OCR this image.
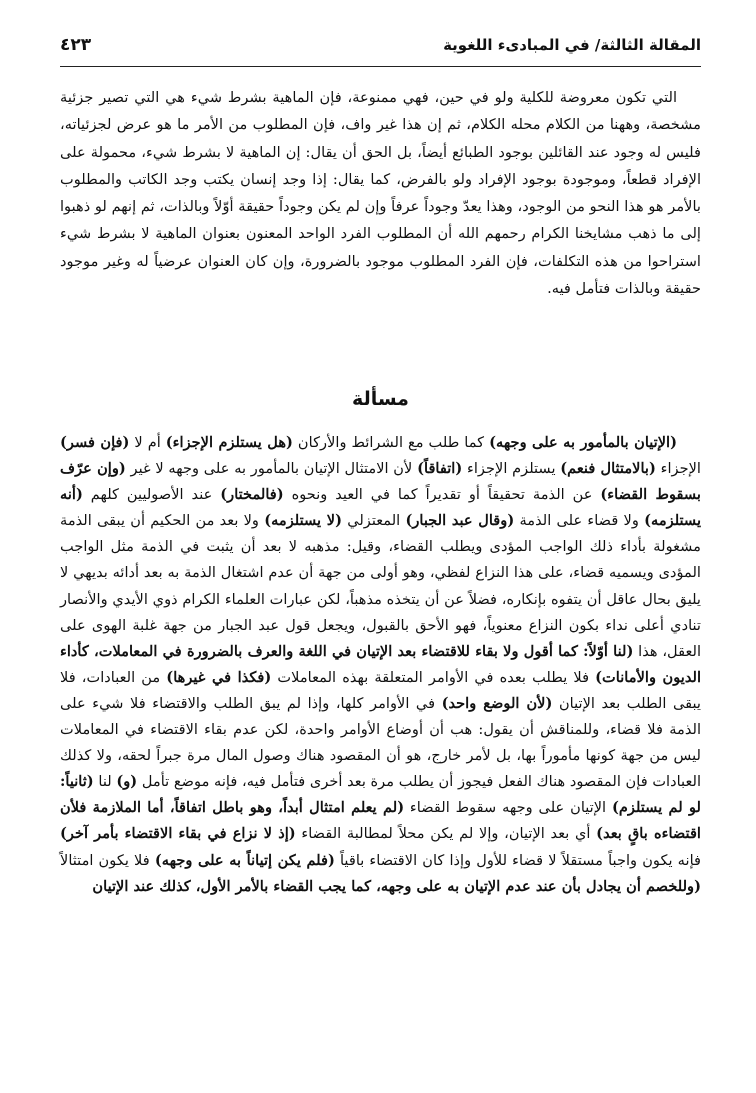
المقالة الثالثة/ في المبادىء اللغوية
٤٢٣

التي تكون معروضة للكلية ولو في حين، فهي ممنوعة، فإن الماهية بشرط شيء هي التي تصير جزئية مشخصة، وههنا من الكلام محله الكلام، ثم إن هذا غير واف، فإن المطلوب من الأمر ما هو عرض لجزئياته، فليس له وجود عند القائلين بوجود الطبائع أيضاً، بل الحق أن يقال: إن الماهية لا بشرط شيء، محمولة على الإفراد قطعاً، وموجودة بوجود الإفراد ولو بالفرض، كما يقال: إذا وجد إنسان يكتب وجد الكاتب والمطلوب بالأمر هو هذا النحو من الوجود، وهذا يعدّ وجوداً عرفاً وإن لم يكن وجوداً حقيقة أوّلاً وبالذات، ثم إنهم لو ذهبوا إلى ما ذهب مشايخنا الكرام رحمهم الله أن المطلوب الفرد الواحد المعنون بعنوان الماهية لا بشرط شيء استراحوا من هذه التكلفات، فإن الفرد المطلوب موجود بالضرورة، وإن كان العنوان عرضياً له وغير موجود حقيقة وبالذات فتأمل فيه.

مسألة

(الإتيان بالمأمور به على وجهه) كما طلب مع الشرائط والأركان (هل يستلزم الإجزاء) أم لا (فإن فسر) الإجزاء (بالامتثال فنعم) يستلزم الإجزاء (اتفاقاً) لأن الامتثال الإتيان بالمأمور به على وجهه لا غير (وإن عرّف بسقوط القضاء) عن الذمة تحقيقاً أو تقديراً كما في العيد ونحوه (فالمختار) عند الأصوليين كلهم (أنه يستلزمه) ولا قضاء على الذمة (وقال عبد الجبار) المعتزلي (لا يستلزمه) ولا بعد من الحكيم أن يبقى الذمة مشغولة بأداء ذلك الواجب المؤدى ويطلب القضاء، وقيل: مذهبه لا بعد أن يثبت في الذمة مثل الواجب المؤدى ويسميه قضاء، على هذا النزاع لفظي، وهو أولى من جهة أن عدم اشتغال الذمة به بعد أدائه بديهي لا يليق بحال عاقل أن يتفوه بإنكاره، فضلاً عن أن يتخذه مذهباً، لكن عبارات العلماء الكرام ذوي الأيدي والأنصار تنادي أعلى نداء بكون النزاع معنوياً، فهو الأحق بالقبول، ويجعل قول عبد الجبار من جهة غلبة الهوى على العقل، هذا (لنا أوّلاً: كما أقول ولا بقاء للاقتضاء بعد الإتيان في اللغة والعرف بالضرورة في المعاملات، كأداء الديون والأمانات) فلا يطلب بعده في الأوامر المتعلقة بهذه المعاملات (فكذا في غيرها) من العبادات، فلا يبقى الطلب بعد الإتيان (لأن الوضع واحد) في الأوامر كلها، وإذا لم يبق الطلب والاقتضاء فلا شيء على الذمة فلا قضاء، وللمناقش أن يقول: هب أن أوضاع الأوامر واحدة، لكن عدم بقاء الاقتضاء في المعاملات ليس من جهة كونها مأموراً بها، بل لأمر خارج، هو أن المقصود هناك وصول المال مرة جبراً لحقه، ولا كذلك العبادات فإن المقصود هناك الفعل فيجوز أن يطلب مرة بعد أخرى فتأمل فيه، فإنه موضع تأمل (و) لنا (ثانياً: لو لم يستلزم) الإتيان على وجهه سقوط القضاء (لم يعلم امتثال أبداً، وهو باطل اتفاقاً، أما الملازمة فلأن اقتضاءه باقٍ بعد) أي بعد الإتيان، وإلا لم يكن محلاً لمطالبة القضاء (إذ لا نزاع في بقاء الاقتضاء بأمر آخر) فإنه يكون واجباً مستقلاً لا قضاء للأول وإذا كان الاقتضاء باقياً (فلم يكن إتياناً به على وجهه) فلا يكون امتثالاً (وللخصم أن يجادل بأن عند عدم الإتيان به على وجهه، كما يجب القضاء بالأمر الأول، كذلك عند الإتيان
